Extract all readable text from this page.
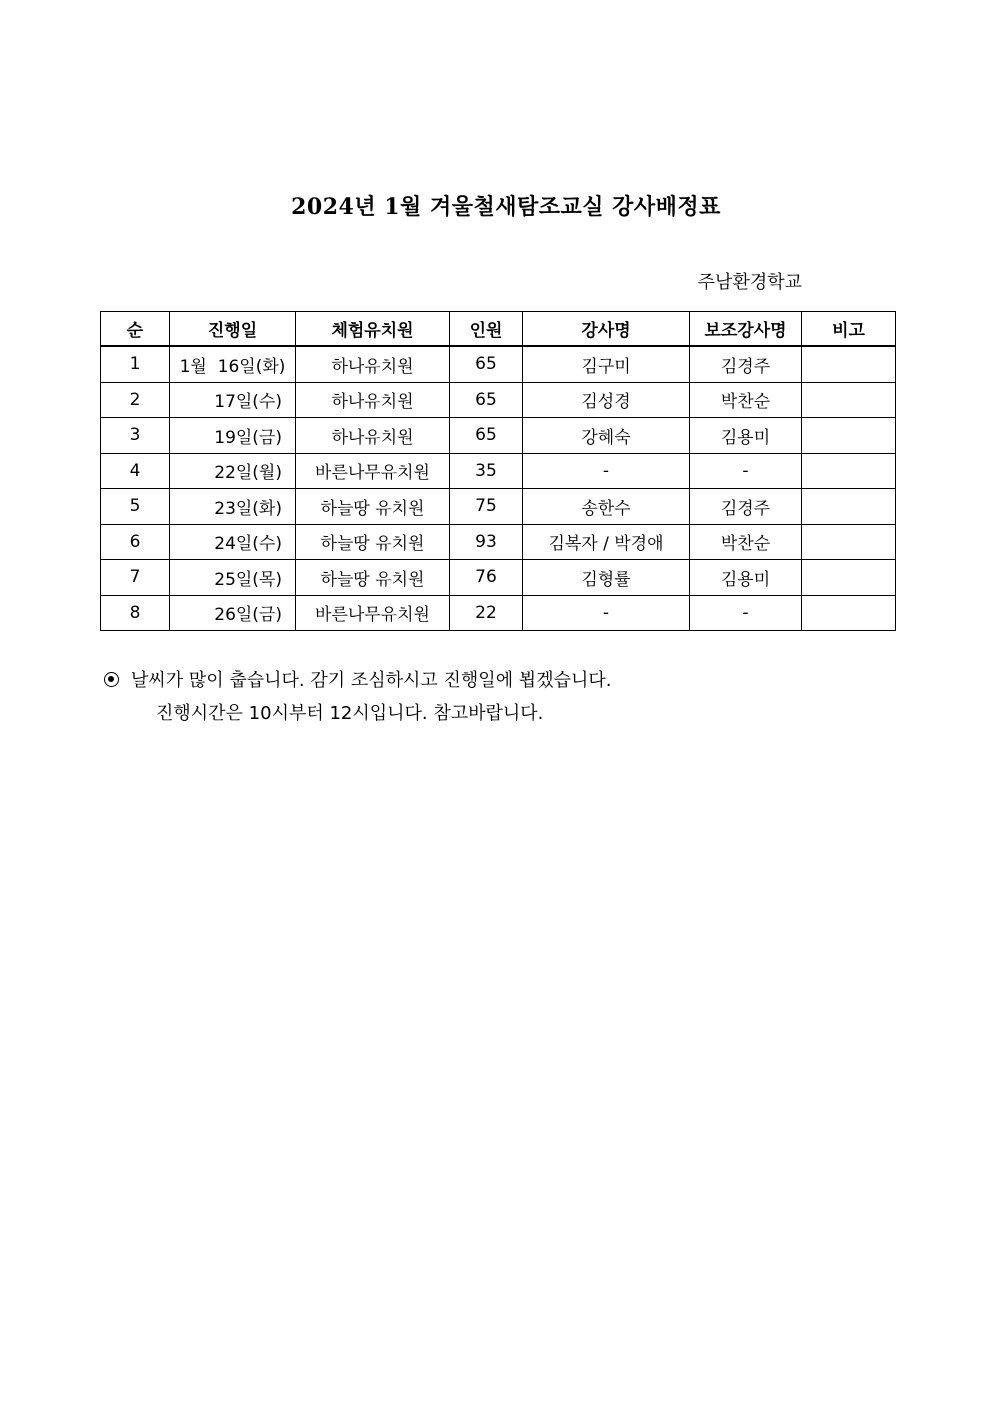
2024년 1월 겨울철새탐조교실 강사배정표
주남환경학교
순	진행일	체험유치원	인원	강사명	보조강사명	비고
1	1월  16일(화)	하나유치원	65	김구미	김경주	
2	17일(수)	하나유치원	65	김성경	박찬순	
3	19일(금)	하나유치원	65	강혜숙	김용미	
4	22일(월)	바른나무유치원	35	-	-	
5	23일(화)	하늘땅 유치원	75	송한수	김경주	
6	24일(수)	하늘땅 유치원	93	김복자 / 박경애	박찬순	
7	25일(목)	하늘땅 유치원	76	김형률	김용미	
8	26일(금)	바른나무유치원	22	-	-	
날씨가 많이 춥습니다. 감기 조심하시고 진행일에 뵙겠습니다.
진행시간은 10시부터 12시입니다. 참고바랍니다.
